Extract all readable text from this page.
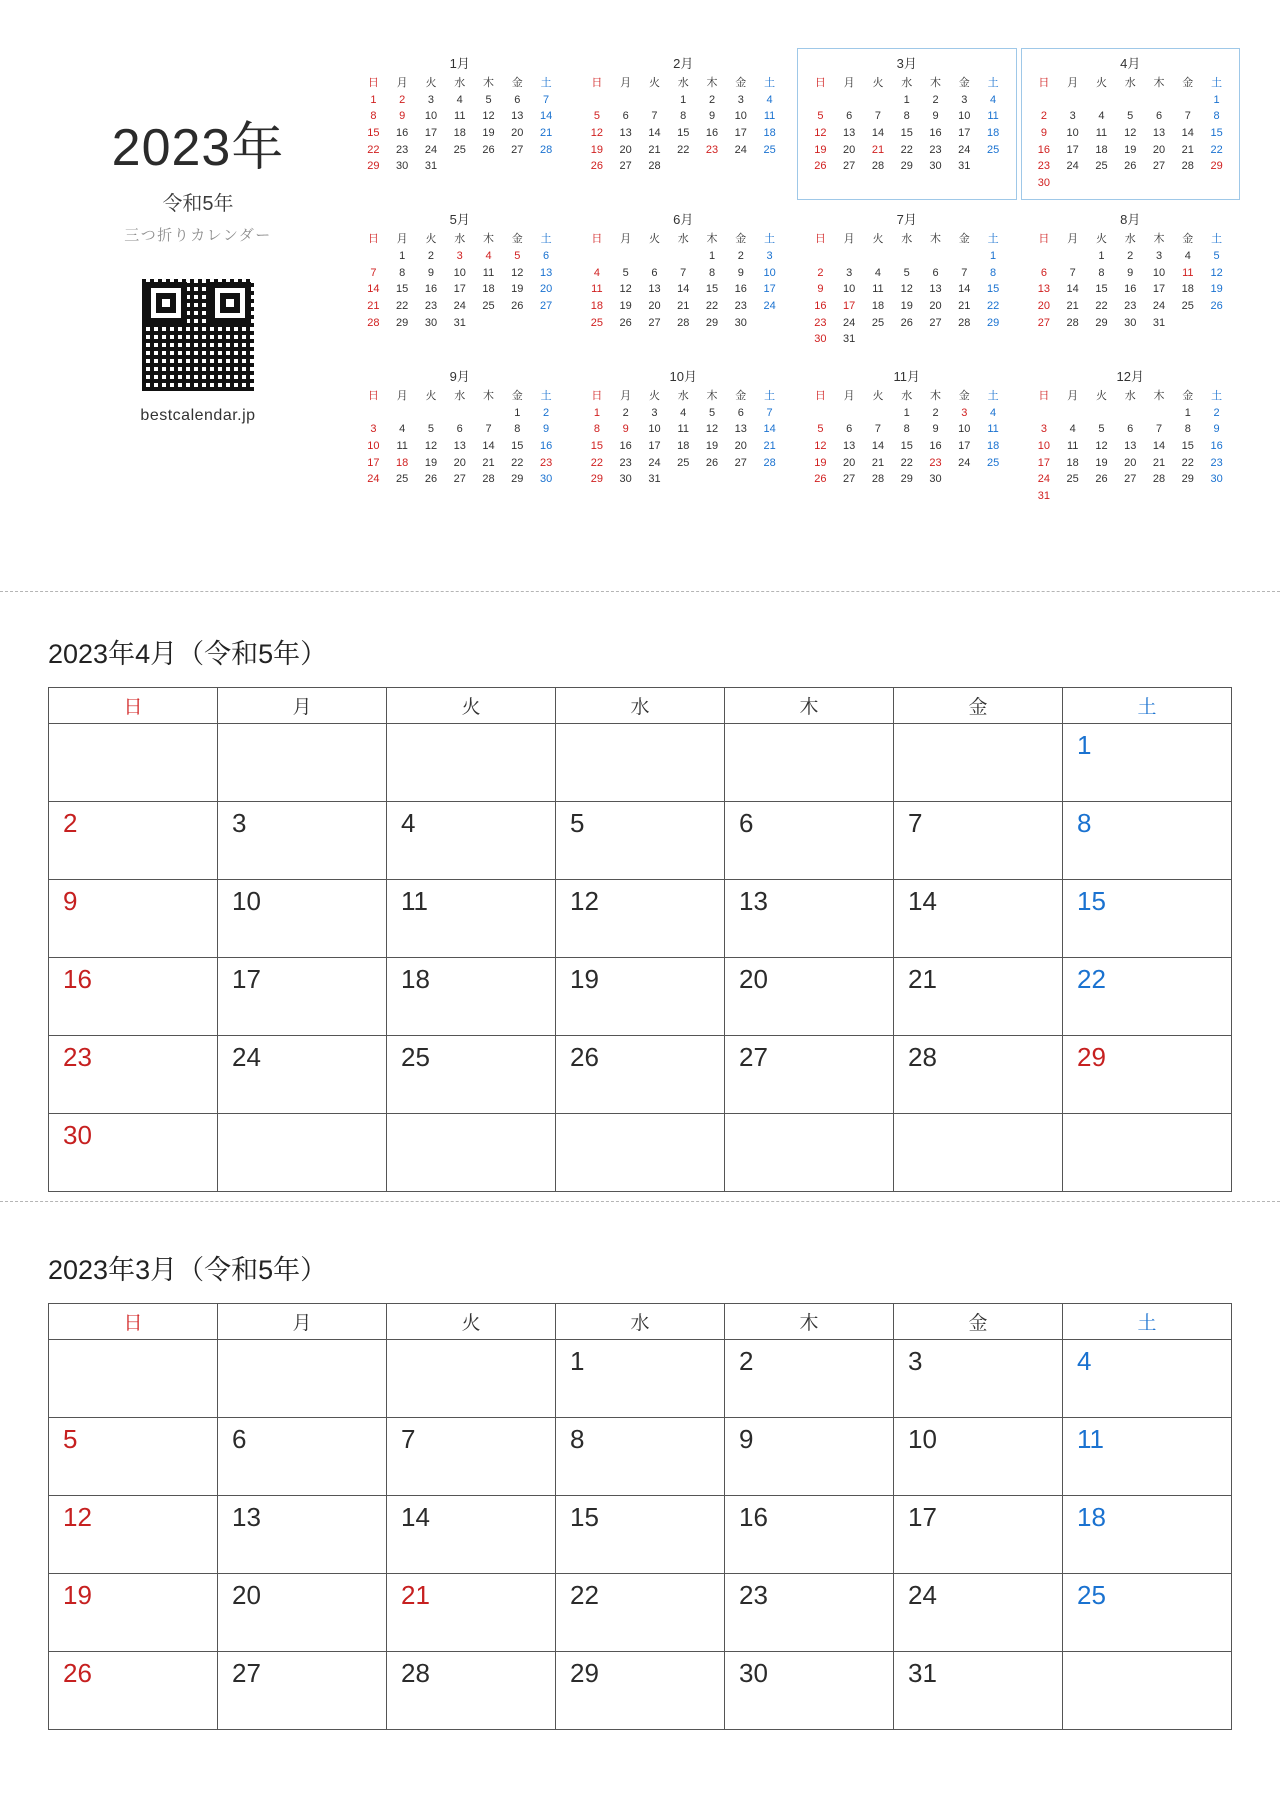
2023年
令和5年
三つ折りカレンダー
bestcalendar.jp
1月
日	月	火	水	木	金	土
1	2	3	4	5	6	7
8	9	10	11	12	13	14
15	16	17	18	19	20	21
22	23	24	25	26	27	28
29	30	31				
2月
日	月	火	水	木	金	土
			1	2	3	4
5	6	7	8	9	10	11
12	13	14	15	16	17	18
19	20	21	22	23	24	25
26	27	28				
3月
日	月	火	水	木	金	土
			1	2	3	4
5	6	7	8	9	10	11
12	13	14	15	16	17	18
19	20	21	22	23	24	25
26	27	28	29	30	31	
4月
日	月	火	水	木	金	土
						1
2	3	4	5	6	7	8
9	10	11	12	13	14	15
16	17	18	19	20	21	22
23	24	25	26	27	28	29
30						
5月
日	月	火	水	木	金	土
	1	2	3	4	5	6
7	8	9	10	11	12	13
14	15	16	17	18	19	20
21	22	23	24	25	26	27
28	29	30	31			
6月
日	月	火	水	木	金	土
				1	2	3
4	5	6	7	8	9	10
11	12	13	14	15	16	17
18	19	20	21	22	23	24
25	26	27	28	29	30	
7月
日	月	火	水	木	金	土
						1
2	3	4	5	6	7	8
9	10	11	12	13	14	15
16	17	18	19	20	21	22
23	24	25	26	27	28	29
30	31					
8月
日	月	火	水	木	金	土
		1	2	3	4	5
6	7	8	9	10	11	12
13	14	15	16	17	18	19
20	21	22	23	24	25	26
27	28	29	30	31		
9月
日	月	火	水	木	金	土
					1	2
3	4	5	6	7	8	9
10	11	12	13	14	15	16
17	18	19	20	21	22	23
24	25	26	27	28	29	30
10月
日	月	火	水	木	金	土
1	2	3	4	5	6	7
8	9	10	11	12	13	14
15	16	17	18	19	20	21
22	23	24	25	26	27	28
29	30	31				
11月
日	月	火	水	木	金	土
			1	2	3	4
5	6	7	8	9	10	11
12	13	14	15	16	17	18
19	20	21	22	23	24	25
26	27	28	29	30		
12月
日	月	火	水	木	金	土
					1	2
3	4	5	6	7	8	9
10	11	12	13	14	15	16
17	18	19	20	21	22	23
24	25	26	27	28	29	30
31						
2023年4月（令和5年）
日	月	火	水	木	金	土
						1
2	3	4	5	6	7	8
9	10	11	12	13	14	15
16	17	18	19	20	21	22
23	24	25	26	27	28	29
30						
2023年3月（令和5年）
日	月	火	水	木	金	土
			1	2	3	4
5	6	7	8	9	10	11
12	13	14	15	16	17	18
19	20	21	22	23	24	25
26	27	28	29	30	31	
